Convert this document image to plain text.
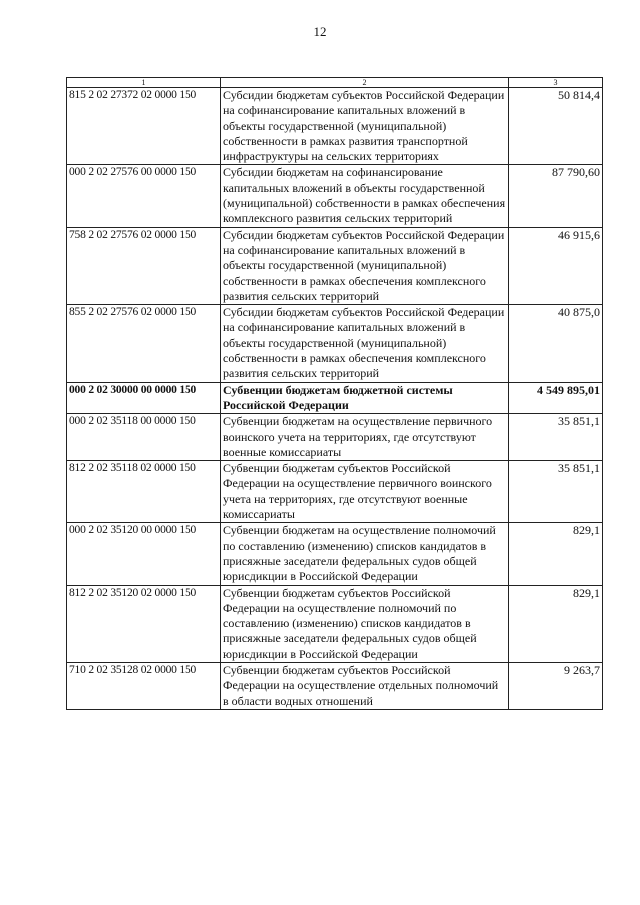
12
1	2	3
815 2 02 27372 02 0000 150	Субсидии бюджетам субъектов Российской Федерации на софинансирование капитальных вложений в объекты государственной (муниципальной) собственности в рамках развития транспортной инфраструктуры на сельских территориях	50 814,4
000 2 02 27576 00 0000 150	Субсидии бюджетам на софинансирование капитальных вложений в объекты государственной (муниципальной) собственности в рамках обеспечения комплексного развития сельских территорий	87 790,60
758 2 02 27576 02 0000 150	Субсидии бюджетам субъектов Российской Федерации на софинансирование капитальных вложений в объекты государственной (муниципальной) собственности в рамках обеспечения комплексного развития сельских территорий	46 915,6
855 2 02 27576 02 0000 150	Субсидии бюджетам субъектов Российской Федерации на софинансирование капитальных вложений в объекты государственной (муниципальной) собственности в рамках обеспечения комплексного развития сельских территорий	40 875,0
000 2 02 30000 00 0000 150	Субвенции бюджетам бюджетной системы Российской Федерации	4 549 895,01
000 2 02 35118 00 0000 150	Субвенции бюджетам на осуществление первичного воинского учета на территориях, где отсутствуют военные комиссариаты	35 851,1
812 2 02 35118 02 0000 150	Субвенции бюджетам субъектов Российской Федерации на осуществление первичного воинского учета на территориях, где отсутствуют военные комиссариаты	35 851,1
000 2 02 35120 00 0000 150	Субвенции бюджетам на осуществление полномочий по составлению (изменению) списков кандидатов в присяжные заседатели федеральных судов общей юрисдикции в Российской Федерации	829,1
812 2 02 35120 02 0000 150	Субвенции бюджетам субъектов Российской Федерации на осуществление полномочий по составлению (изменению) списков кандидатов в присяжные заседатели федеральных судов общей юрисдикции в Российской Федерации	829,1
710 2 02 35128 02 0000 150	Субвенции бюджетам субъектов Российской Федерации на осуществление отдельных полномочий в области водных отношений	9 263,7
